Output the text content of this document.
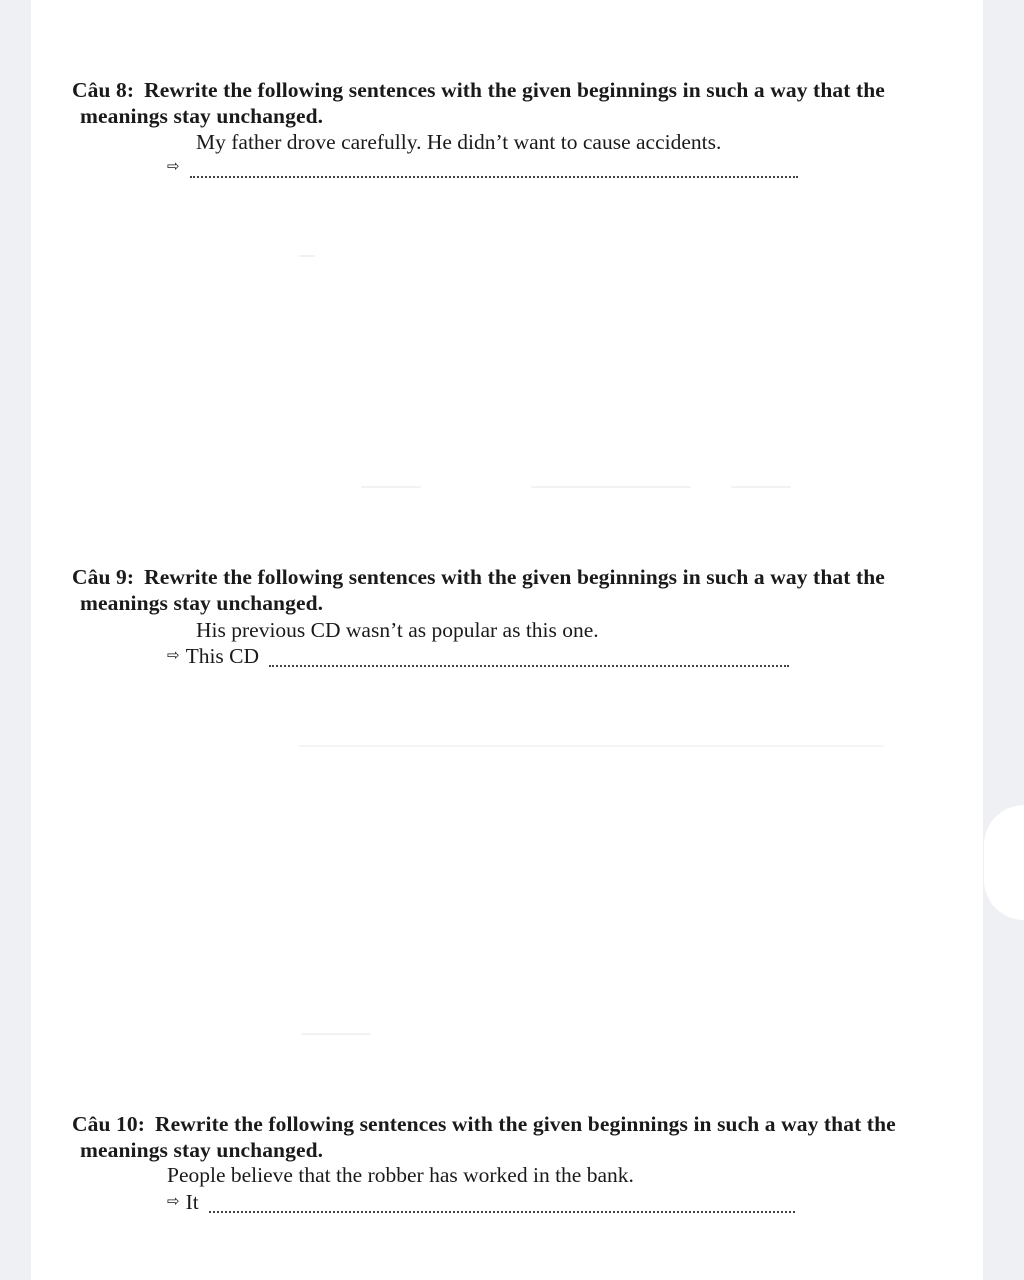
Câu 8: Rewrite the following sentences with the given beginnings in such a way that the
meanings stay unchanged.
My father drove carefully. He didn’t want to cause accidents.
⇨
Câu 9: Rewrite the following sentences with the given beginnings in such a way that the
meanings stay unchanged.
His previous CD wasn’t as popular as this one.
⇨ This CD
Câu 10: Rewrite the following sentences with the given beginnings in such a way that the
meanings stay unchanged.
People believe that the robber has worked in the bank.
⇨ It
